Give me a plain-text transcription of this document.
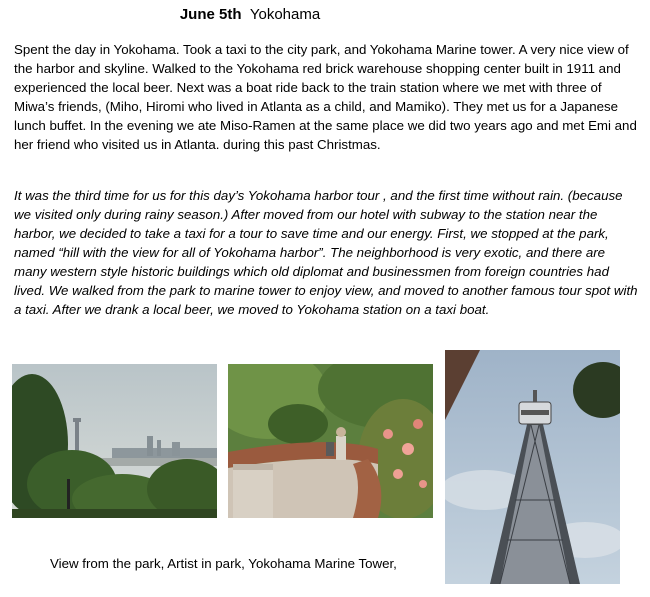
June 5th Yokohama

Spent the day in Yokohama. Took a taxi to the city park, and Yokohama Marine tower. A very nice view of the harbor and skyline. Walked to the Yokohama red brick warehouse shopping center built in 1911 and experienced the local beer. Next was a boat ride back to the train station where we met with three of Miwa’s friends, (Miho, Hiromi who lived in Atlanta as a child, and Mamiko). They met us for a Japanese lunch buffet. In the evening we ate Miso-Ramen at the same place we did two years ago and met Emi and her friend who visited us in Atlanta. during this past Christmas.

It was the third time for us for this day’s Yokohama harbor tour , and the first time without rain. (because we visited only during rainy season.) After moved from our hotel with subway to the station near the harbor, we decided to take a taxi for a tour to save time and our energy. First, we stopped at the park, named “hill with the view for all of Yokohama harbor”. The neighborhood is very exotic, and there are many western style historic buildings which old diplomat and businessmen from foreign countries had lived. We walked from the park to marine tower to enjoy view, and moved to another famous tour spot with a taxi. After we drank a local beer, we moved to Yokohama station on a taxi boat.

View from the park, Artist in park, Yokohama Marine Tower,
